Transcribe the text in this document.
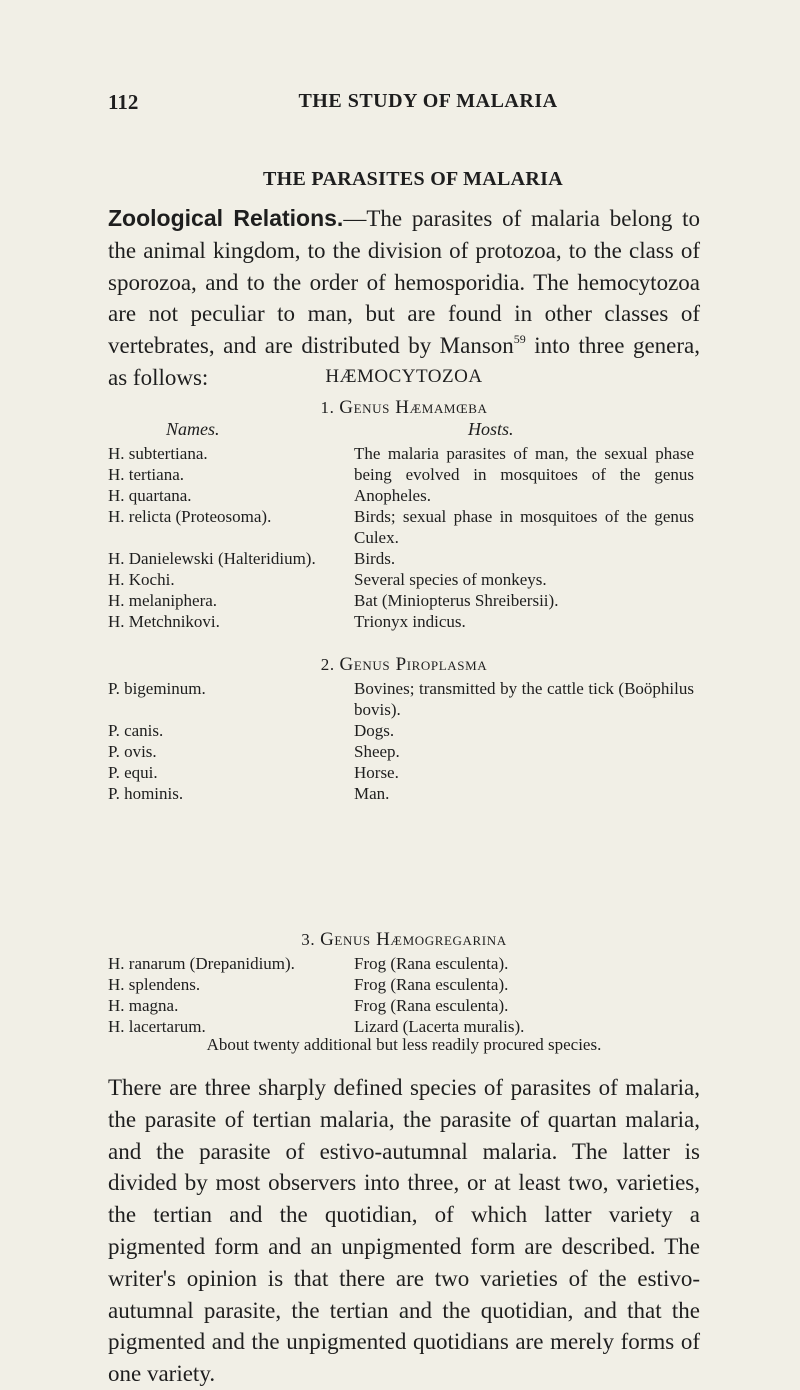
112	THE STUDY OF MALARIA
THE PARASITES OF MALARIA

Zoological Relations.—The parasites of malaria belong to the animal kingdom, to the division of protozoa, to the class of sporozoa, and to the order of hemosporidia. The hemocytozoa are not peculiar to man, but are found in other classes of vertebrates, and are distributed by Manson$^{59}$ into three genera, as follows:	HÆMOCYTOZOA
1. Genus Hæmamœba
Names.	Hosts.
H. subtertiana.	The malaria parasites of man, the sexual phase being evolved in mosquitoes of the genus Anopheles.
H. tertiana.
H. quartana.
H. relicta (Proteosoma).	Birds; sexual phase in mosquitoes of the genus Culex.
H. Danielewski (Halteridium).	Birds.
H. Kochi.	Several species of monkeys.
H. melaniphera.	Bat (Miniopterus Shreibersii).
H. Metchnikovi.	Trionyx indicus.
2. Genus Piroplasma
P. bigeminum.	Bovines; transmitted by the cattle tick (Boöphilus bovis).
P. canis.	Dogs.
P. ovis.	Sheep.
P. equi.	Horse.
P. hominis.	Man.
3. Genus Hæmogregarina
H. ranarum (Drepanidium).	Frog (Rana esculenta).
H. splendens.	Frog (Rana esculenta).
H. magna.	Frog (Rana esculenta).
H. lacertarum.	Lizard (Lacerta muralis).
About twenty additional but less readily procured species.

There are three sharply defined species of parasites of malaria, the parasite of tertian malaria, the parasite of quartan malaria, and the parasite of estivo-autumnal malaria. The latter is divided by most observers into three, or at least two, varieties, the tertian and the quotidian, of which latter variety a pigmented form and an unpigmented form are described. The writer's opinion is that there are two varieties of the estivo-autumnal parasite, the tertian and the quotidian, and that the pigmented and the unpigmented quotidians are merely forms of one variety.
